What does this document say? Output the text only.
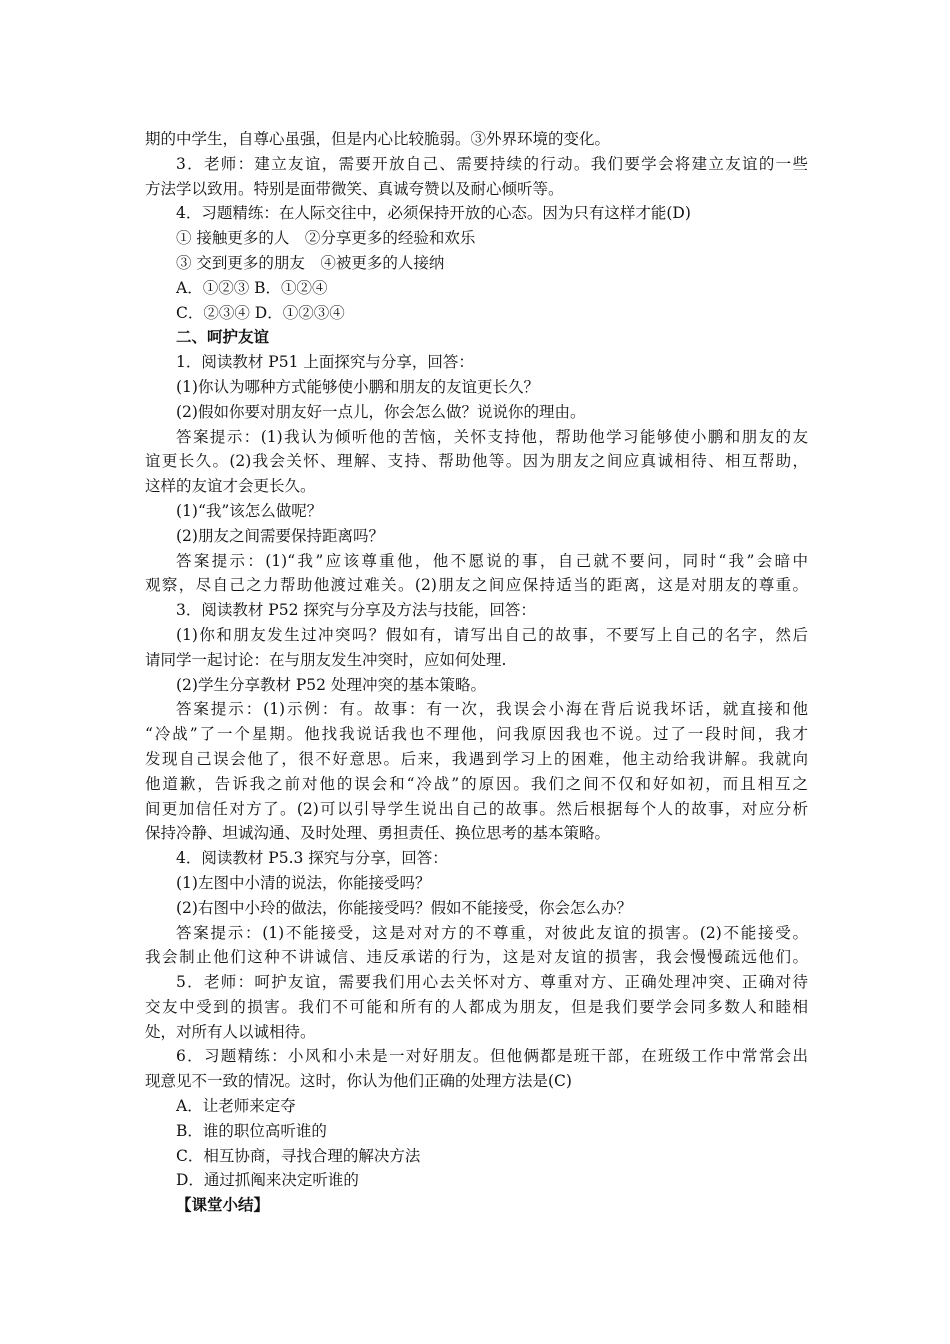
期的中学生，自尊心虽强，但是内心比较脆弱。③外界环境的变化。
3．老师：建立友谊，需要开放自己、需要持续的行动。我们要学会将建立友谊的一些
方法学以致用。特别是面带微笑、真诚夸赞以及耐心倾听等。
4．习题精练：在人际交往中，必须保持开放的心态。因为只有这样才能(D)
① 接触更多的人　②分享更多的经验和欢乐
③ 交到更多的朋友　④被更多的人接纳
A．①②③ B．①②④
C．②③④ D．①②③④
二、呵护友谊
1．阅读教材 P51 上面探究与分享，回答：
(1)你认为哪种方式能够使小鹏和朋友的友谊更长久？
(2)假如你要对朋友好一点儿，你会怎么做？说说你的理由。
答案提示：(1)我认为倾听他的苦恼，关怀支持他，帮助他学习能够使小鹏和朋友的友
谊更长久。(2)我会关怀、理解、支持、帮助他等。因为朋友之间应真诚相待、相互帮助，
这样的友谊才会更长久。
(1)“我”该怎么做呢？
(2)朋友之间需要保持距离吗？
答案提示：(1)“我”应该尊重他，他不愿说的事，自己就不要问，同时“我”会暗中
观察，尽自己之力帮助他渡过难关。(2)朋友之间应保持适当的距离，这是对朋友的尊重。
3．阅读教材 P52 探究与分享及方法与技能，回答：
(1)你和朋友发生过冲突吗？假如有，请写出自己的故事，不要写上自己的名字，然后
请同学一起讨论：在与朋友发生冲突时，应如何处理.
(2)学生分享教材 P52 处理冲突的基本策略。
答案提示：(1)示例：有。故事：有一次，我误会小海在背后说我坏话，就直接和他
“冷战”了一个星期。他找我说话我也不理他，问我原因我也不说。过了一段时间，我才
发现自己误会他了，很不好意思。后来，我遇到学习上的困难，他主动给我讲解。我就向
他道歉，告诉我之前对他的误会和“冷战”的原因。我们之间不仅和好如初，而且相互之
间更加信任对方了。(2)可以引导学生说出自己的故事。然后根据每个人的故事，对应分析
保持冷静、坦诚沟通、及时处理、勇担责任、换位思考的基本策略。
4．阅读教材 P5.3 探究与分享，回答：
(1)左图中小清的说法，你能接受吗？
(2)右图中小玲的做法，你能接受吗？假如不能接受，你会怎么办？
答案提示：(1)不能接受，这是对对方的不尊重，对彼此友谊的损害。(2)不能接受。
我会制止他们这种不讲诚信、违反承诺的行为，这是对友谊的损害，我会慢慢疏远他们。
5．老师：呵护友谊，需要我们用心去关怀对方、尊重对方、正确处理冲突、正确对待
交友中受到的损害。我们不可能和所有的人都成为朋友，但是我们要学会同多数人和睦相
处，对所有人以诚相待。
6．习题精练：小风和小未是一对好朋友。但他俩都是班干部，在班级工作中常常会出
现意见不一致的情况。这时，你认为他们正确的处理方法是(C)
A．让老师来定夺
B．谁的职位高听谁的
C．相互协商，寻找合理的解决方法
D．通过抓阄来决定听谁的
【课堂小结】
